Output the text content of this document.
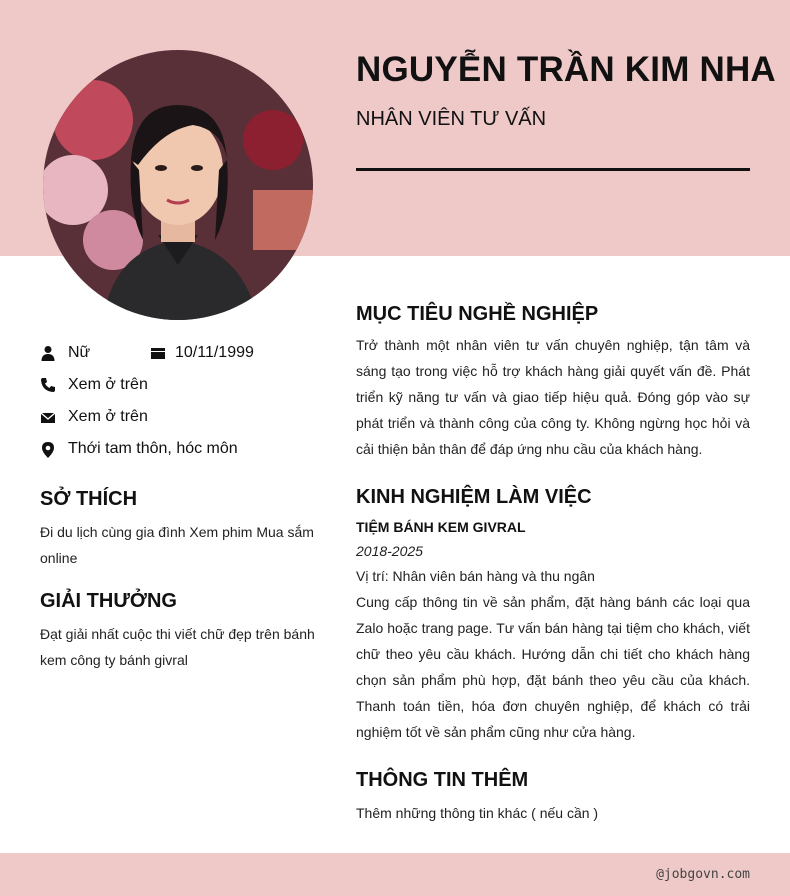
NGUYỄN TRẦN KIM NHA
NHÂN VIÊN TƯ VẤN
Nữ	10/11/1999
Xem ở trên
Xem ở trên
Thới tam thôn, hóc môn
SỞ THÍCH
Đi du lịch cùng gia đình Xem phim Mua sắm online
GIẢI THƯỞNG
Đạt giải nhất cuộc thi viết chữ đẹp trên bánh kem công ty bánh givral
MỤC TIÊU NGHỀ NGHIỆP
Trở thành một nhân viên tư vấn chuyên nghiệp, tận tâm và sáng tạo trong việc hỗ trợ khách hàng giải quyết vấn đề. Phát triển kỹ năng tư vấn và giao tiếp hiệu quả. Đóng góp vào sự phát triển và thành công của công ty. Không ngừng học hỏi và cải thiện bản thân để đáp ứng nhu cầu của khách hàng.
KINH NGHIỆM LÀM VIỆC
TIỆM BÁNH KEM GIVRAL
2018-2025
Vị trí: Nhân viên bán hàng và thu ngân
Cung cấp thông tin về sản phẩm, đặt hàng bánh các loại qua Zalo hoặc trang page. Tư vấn bán hàng tại tiệm cho khách, viết chữ theo yêu cầu khách. Hướng dẫn chi tiết cho khách hàng chọn sản phẩm phù hợp, đặt bánh theo yêu cầu của khách. Thanh toán tiền, hóa đơn chuyên nghiệp, để khách có trải nghiệm tốt về sản phẩm cũng như cửa hàng.
THÔNG TIN THÊM
Thêm những thông tin khác ( nếu cần )
@jobgovn.com
